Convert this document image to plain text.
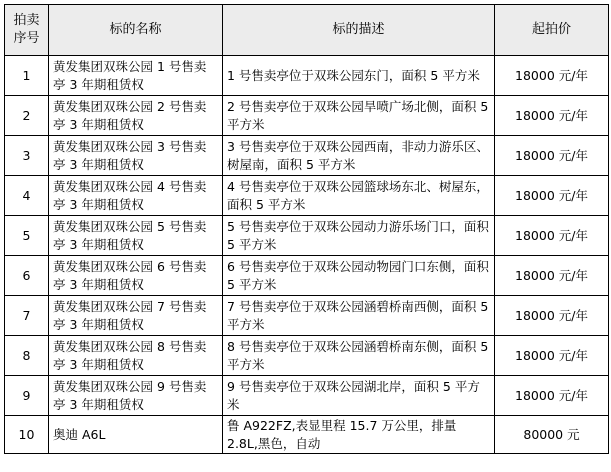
拍卖
序号	标的名称	标的描述	起拍价
1	黄发集团双珠公园 1 号售卖亭 3 年期租赁权	1 号售卖亭位于双珠公园东门，面积 5 平方米	18000 元/年
2	黄发集团双珠公园 2 号售卖亭 3 年期租赁权	2 号售卖亭位于双珠公园旱喷广场北侧，面积 5 平方米	18000 元/年
3	黄发集团双珠公园 3 号售卖亭 3 年期租赁权	3 号售卖亭位于双珠公园西南，非动力游乐区、树屋南，面积 5 平方米	18000 元/年
4	黄发集团双珠公园 4 号售卖亭 3 年期租赁权	4 号售卖亭位于双珠公园篮球场东北、树屋东，面积 5 平方米	18000 元/年
5	黄发集团双珠公园 5 号售卖亭 3 年期租赁权	5 号售卖亭位于双珠公园动力游乐场门口，面积 5 平方米	18000 元/年
6	黄发集团双珠公园 6 号售卖亭 3 年期租赁权	6 号售卖亭位于双珠公园动物园门口东侧，面积 5 平方米	18000 元/年
7	黄发集团双珠公园 7 号售卖亭 3 年期租赁权	7 号售卖亭位于双珠公园涵碧桥南西侧，面积 5 平方米	18000 元/年
8	黄发集团双珠公园 8 号售卖亭 3 年期租赁权	8 号售卖亭位于双珠公园涵碧桥南东侧，面积 5 平方米	18000 元/年
9	黄发集团双珠公园 9 号售卖亭 3 年期租赁权	9 号售卖亭位于双珠公园湖北岸，面积 5 平方米	18000 元/年
10	奥迪 A6L	鲁 A922FZ,表显里程 15.7 万公里，排量 2.8L,黑色，自动	80000 元
